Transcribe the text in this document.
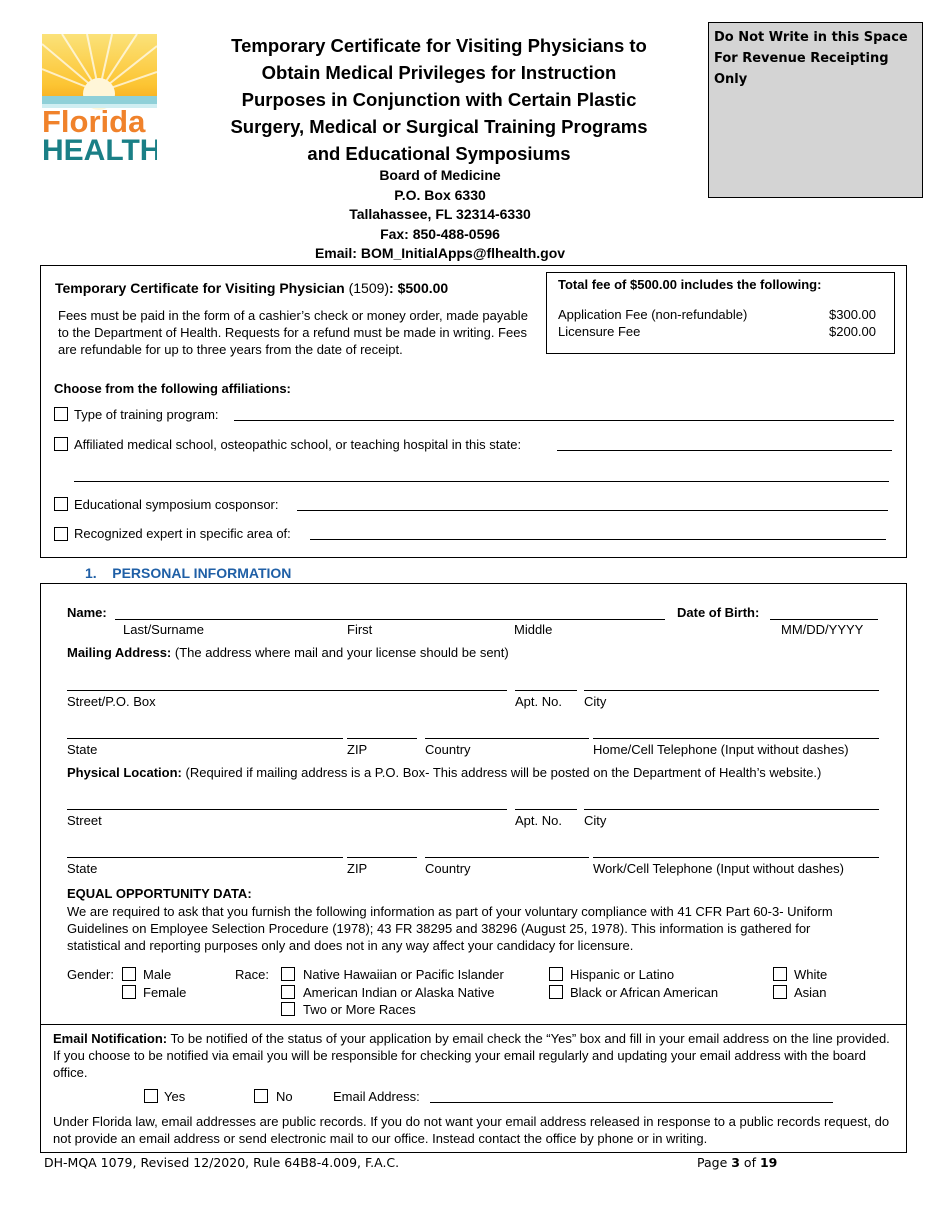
Florida
HEALTH
Temporary Certificate for Visiting Physicians to
Obtain Medical Privileges for Instruction
Purposes in Conjunction with Certain Plastic
Surgery, Medical or Surgical Training Programs
and Educational Symposiums
Board of Medicine
P.O. Box 6330
Tallahassee, FL 32314-6330
Fax: 850-488-0596
Email: BOM_InitialApps@flhealth.gov
Do Not Write in this Space
For Revenue Receipting Only
Temporary Certificate for Visiting Physician (1509): $500.00
Fees must be paid in the form of a cashier’s check or money order, made payable to the Department of Health. Requests for a refund must be made in writing. Fees are refundable for up to three years from the date of receipt.
Total fee of $500.00 includes the following:
Application Fee (non-refundable)	$300.00
Licensure Fee	$200.00
Choose from the following affiliations:
Type of training program:
Affiliated medical school, osteopathic school, or teaching hospital in this state:
Educational symposium cosponsor:
Recognized expert in specific area of:
1. PERSONAL INFORMATION
Name:	Date of Birth:
Last/Surname	First	Middle	MM/DD/YYYY
Mailing Address: (The address where mail and your license should be sent)
Street/P.O. Box	Apt. No. City
State	ZIP	Country	Home/Cell Telephone (Input without dashes)
Physical Location: (Required if mailing address is a P.O. Box- This address will be posted on the Department of Health’s website.)
Street	Apt. No. City
State	ZIP	Country	Work/Cell Telephone (Input without dashes)
EQUAL OPPORTUNITY DATA:
We are required to ask that you furnish the following information as part of your voluntary compliance with 41 CFR Part 60-3- Uniform Guidelines on Employee Selection Procedure (1978); 43 FR 38295 and 38296 (August 25, 1978). This information is gathered for statistical and reporting purposes only and does not in any way affect your candidacy for licensure.
Gender: Male
Female
Race:	Native Hawaiian or Pacific Islander
American Indian or Alaska Native
Two or More Races
Hispanic or Latino
Black or African American
White
Asian
Email Notification: To be notified of the status of your application by email check the “Yes” box and fill in your email address on the line provided. If you choose to be notified via email you will be responsible for checking your email regularly and updating your email address with the board office.
Yes	No	Email Address:
Under Florida law, email addresses are public records. If you do not want your email address released in response to a public records request, do not provide an email address or send electronic mail to our office. Instead contact the office by phone or in writing.
DH-MQA 1079, Revised 12/2020, Rule 64B8-4.009, F.A.C.	Page 3 of 19
